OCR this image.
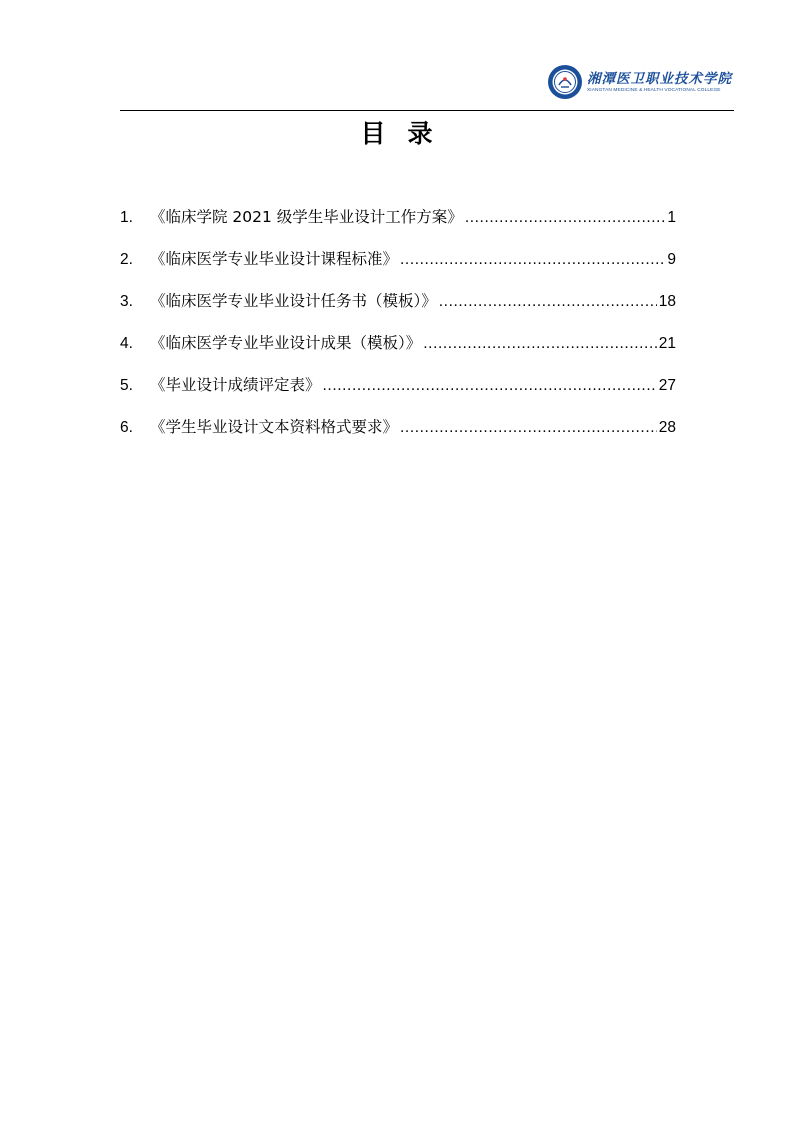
湘潭医卫职业技术学院
XIANGTAN MEDICINE & HEALTH VOCATIONAL COLLEGE
目录
1.	《临床学院 2021 级学生毕业设计工作方案》 .....	1
2.	《临床医学专业毕业设计课程标准》 .....	9
3.	《临床医学专业毕业设计任务书（模板）》 .....	18
4.	《临床医学专业毕业设计成果（模板）》 .....	21
5.	《毕业设计成绩评定表》 .....	27
6.	《学生毕业设计文本资料格式要求》 .....	28
